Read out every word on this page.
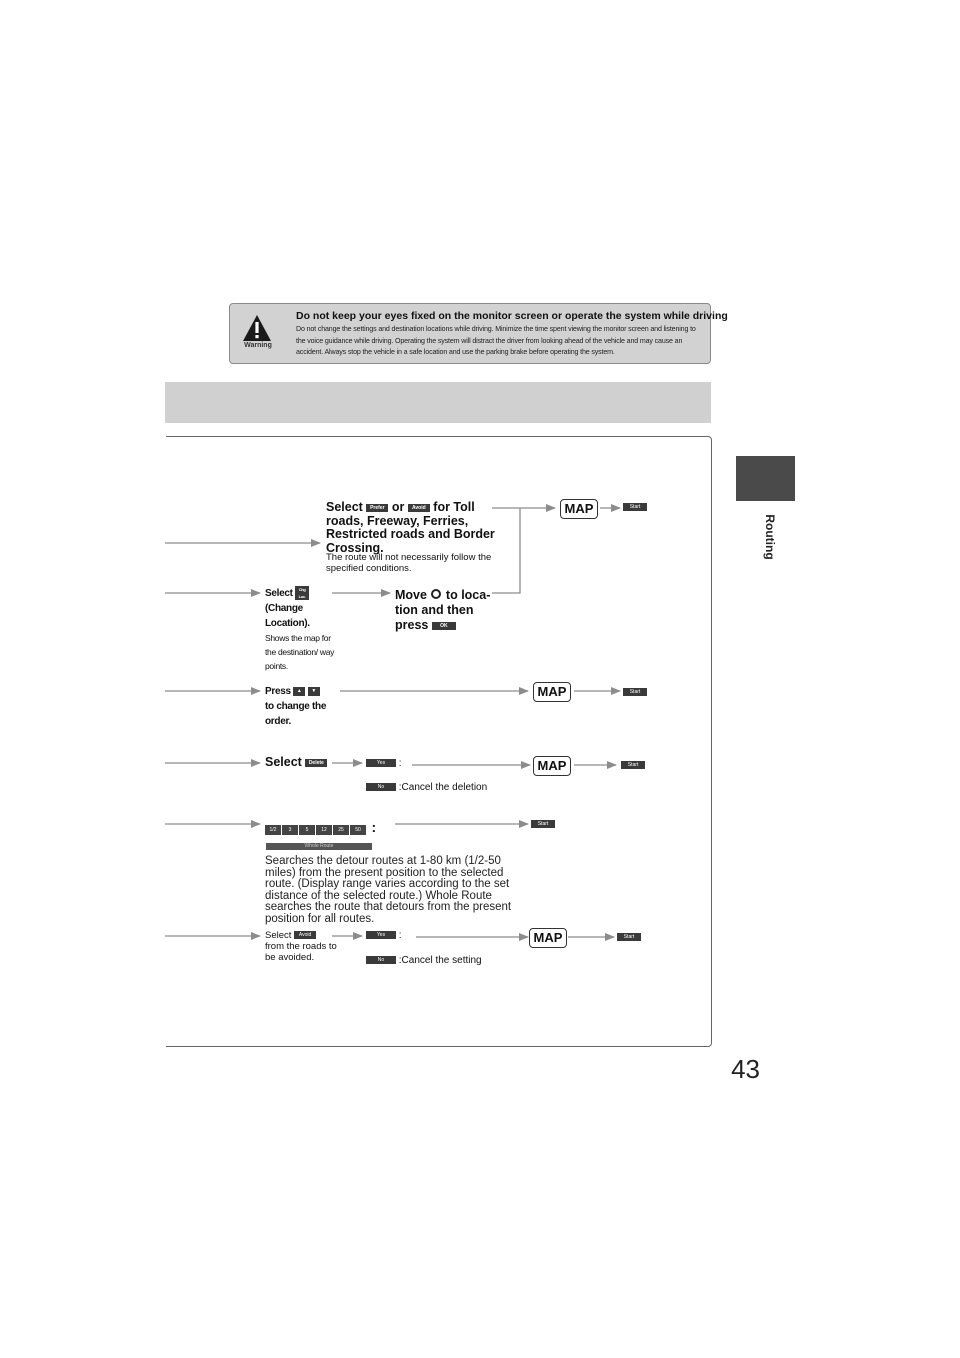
Warning
Do not keep your eyes fixed on the monitor screen or operate the system while driving
Do not change the settings and destination locations while driving. Minimize the time spent viewing the monitor screen and listening to the voice guidance while driving. Operating the system will distract the driver from looking ahead of the vehicle and may cause an accident. Always stop the vehicle in a safe location and use the parking brake before operating the system.
Routing
Select Prefer or Avoid for Toll roads, Freeway, Ferries, Restricted roads and Border Crossing.
The route will not necessarily follow the specified conditions.
MAP	Start
Select Chg Loc.
(Change Location).
Shows the map for the destination/ way points.
Move to loca- tion and then
press OK
Press ▲ ▼
to change the order.
MAP	Start
Select Delete	Yes :
No :Cancel the deletion
MAP	Start
1/2 3	5	12 25 50 :	Start
Whole Route
Searches the detour routes at 1-80 km (1/2-50 miles) from the present position to the selected route. (Display range varies according to the set distance of the selected route.) Whole Route searches the route that detours from the present position for all routes.
Select Avoid
from the roads to be avoided.
Yes :
No :Cancel the setting
MAP	Start
43
